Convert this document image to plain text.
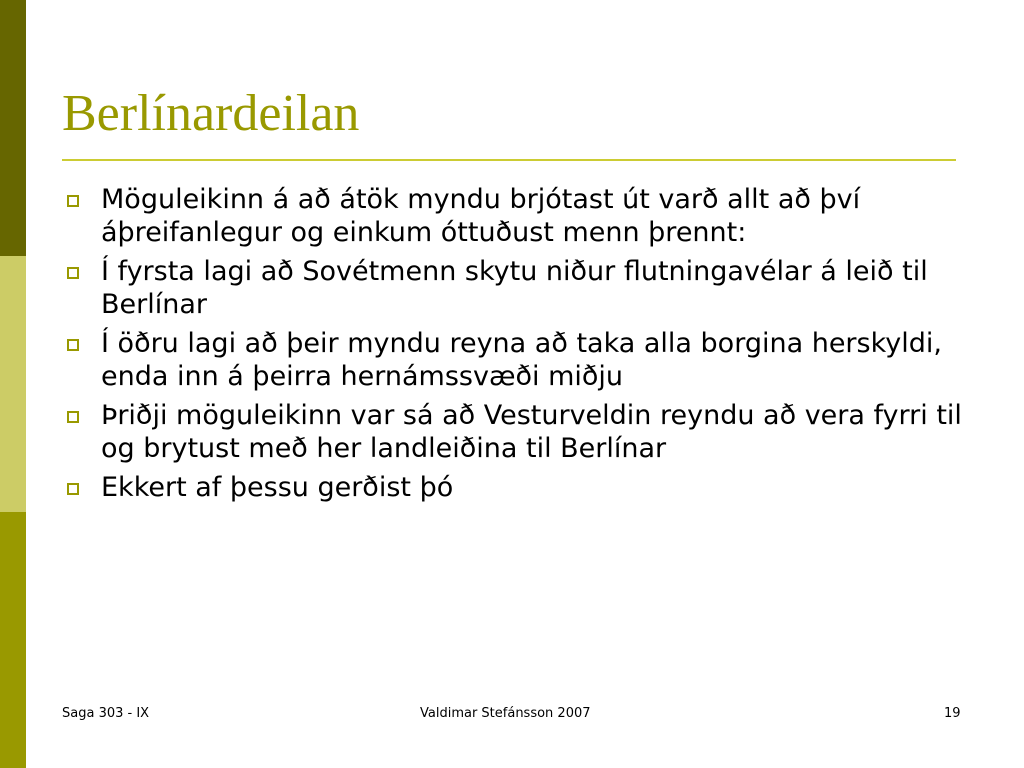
Berlínardeilan
Möguleikinn á að átök myndu brjótast út varð allt að því áþreifanlegur og einkum óttuðust menn þrennt:
Í fyrsta lagi að Sovétmenn skytu niður flutningavélar á leið til Berlínar
Í öðru lagi að þeir myndu reyna að taka alla borgina herskyldi, enda inn á þeirra hernámssvæði miðju
Þriðji möguleikinn var sá að Vesturveldin reyndu að vera fyrri til og brytust með her landleiðina til Berlínar
Ekkert af þessu gerðist þó
Saga 303 - IX	Valdimar Stefánsson 2007	19
